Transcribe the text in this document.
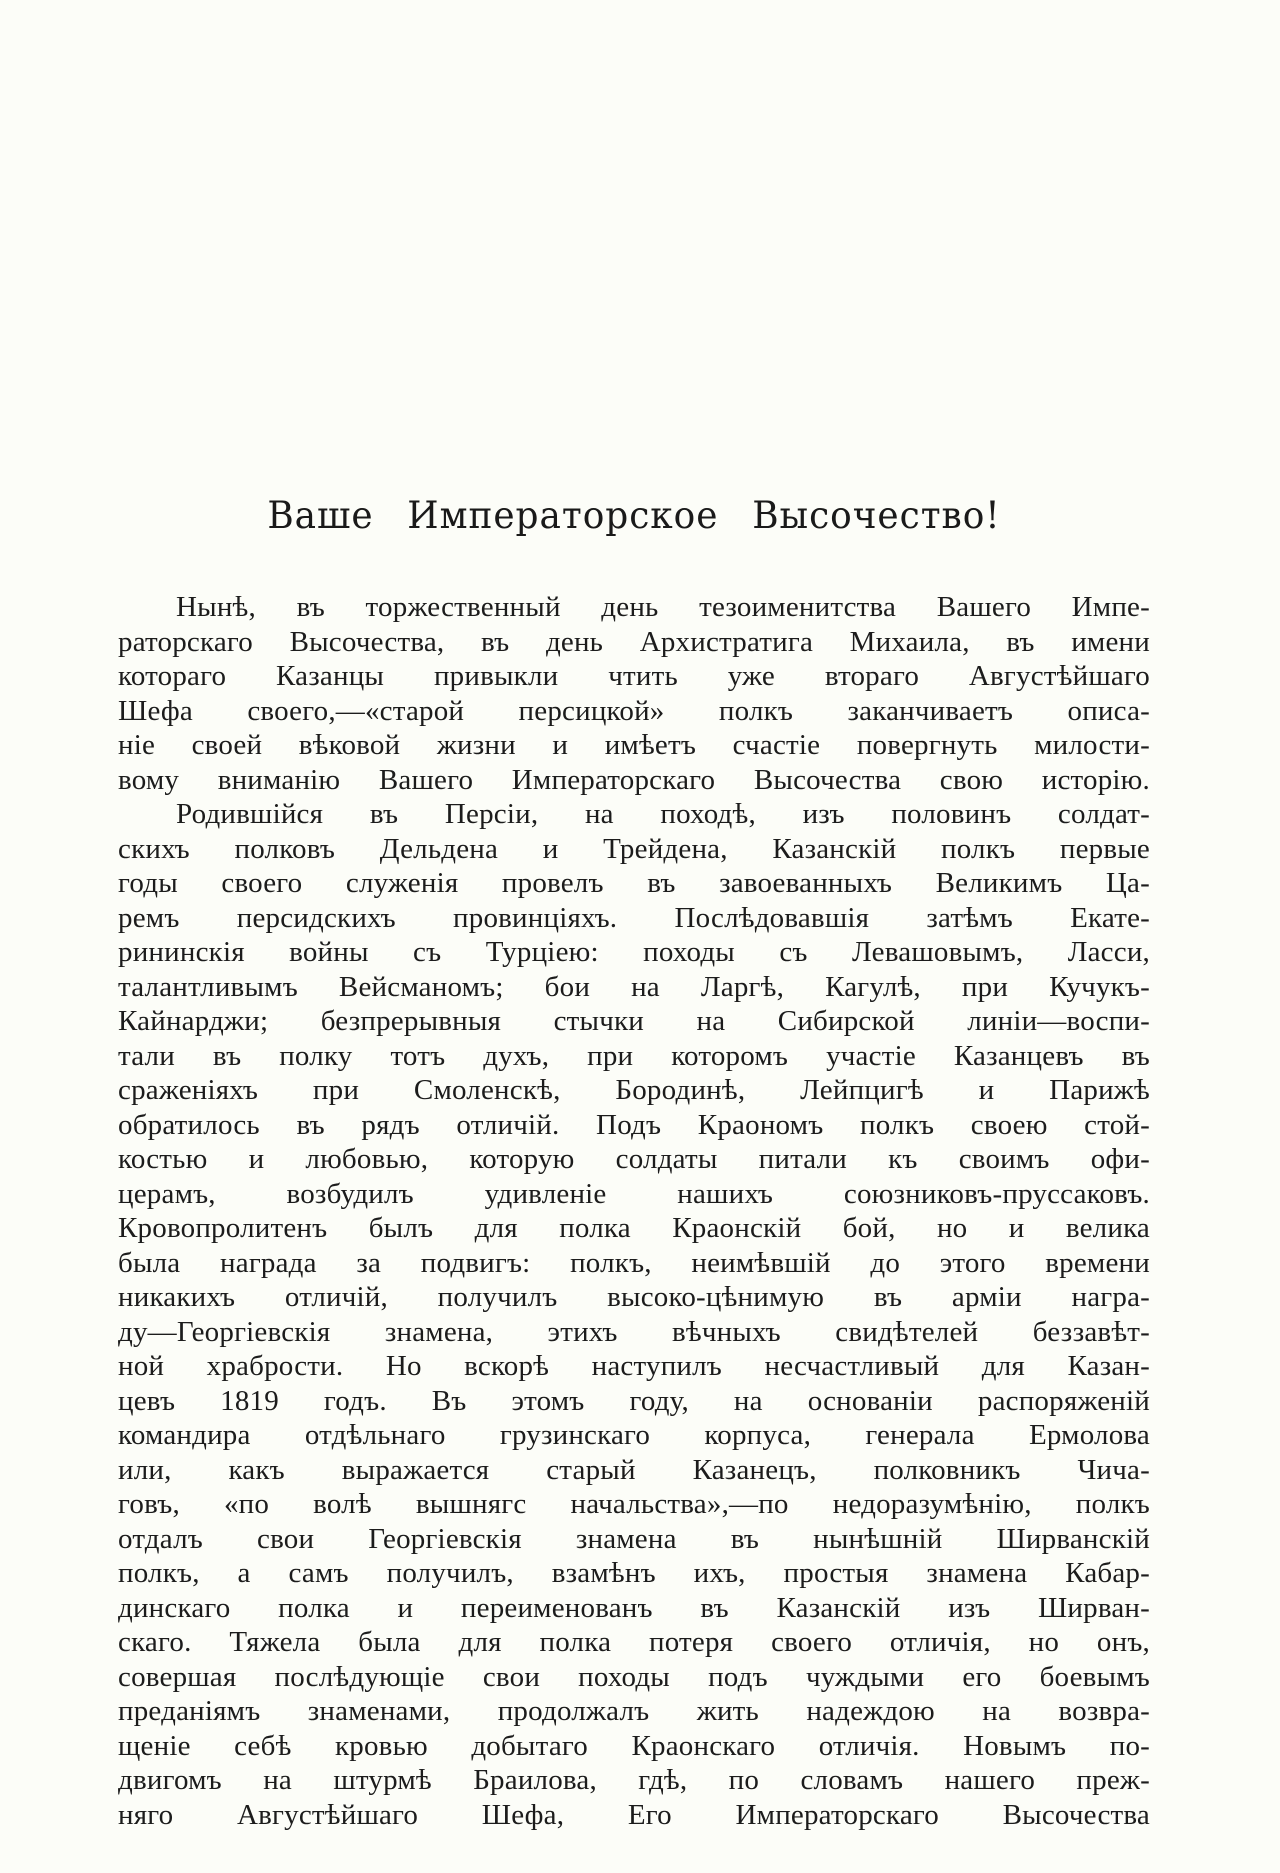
Ваше Императорское Высочество!
Нынѣ, въ торжественный день тезоименитства Вашего Импе-
раторскаго Высочества, въ день Архистратига Михаила, въ имени
котораго Казанцы привыкли чтить уже втораго Августѣйшаго
Шефа своего,—«старой персицкой» полкъ заканчиваетъ описа-
ніе своей вѣковой жизни и имѣетъ счастіе повергнуть милости-
вому вниманію Вашего Императорскаго Высочества свою исторію.
Родившійся въ Персіи, на походѣ, изъ половинъ солдат-
скихъ полковъ Дельдена и Трейдена, Казанскій полкъ первые
годы своего служенія провелъ въ завоеванныхъ Великимъ Ца-
ремъ персидскихъ провинціяхъ. Послѣдовавшія затѣмъ Екате-
рининскія войны съ Турціею: походы съ Левашовымъ, Ласси,
талантливымъ Вейсманомъ; бои на Ларгѣ, Кагулѣ, при Кучукъ-
Кайнарджи; безпрерывныя стычки на Сибирской линіи—воспи-
тали въ полку тотъ духъ, при которомъ участіе Казанцевъ въ
сраженіяхъ при Смоленскѣ, Бородинѣ, Лейпцигѣ и Парижѣ
обратилось въ рядъ отличій. Подъ Краономъ полкъ своею стой-
костью и любовью, которую солдаты питали къ своимъ офи-
церамъ, возбудилъ удивленіе нашихъ союзниковъ-пруссаковъ.
Кровопролитенъ былъ для полка Краонскій бой, но и велика
была награда за подвигъ: полкъ, неимѣвшій до этого времени
никакихъ отличій, получилъ высоко-цѣнимую въ арміи награ-
ду—Георгіевскія знамена, этихъ вѣчныхъ свидѣтелей беззавѣт-
ной храбрости. Но вскорѣ наступилъ несчастливый для Казан-
цевъ 1819 годъ. Въ этомъ году, на основаніи распоряженій
командира отдѣльнаго грузинскаго корпуса, генерала Ермолова
или, какъ выражается старый Казанецъ, полковникъ Чича-
говъ, «по волѣ вышнягс начальства»,—по недоразумѣнію, полкъ
отдалъ свои Георгіевскія знамена въ нынѣшній Ширванскій
полкъ, а самъ получилъ, взамѣнъ ихъ, простыя знамена Кабар-
динскаго полка и переименованъ въ Казанскій изъ Ширван-
скаго. Тяжела была для полка потеря своего отличія, но онъ,
совершая послѣдующіе свои походы подъ чуждыми его боевымъ
преданіямъ знаменами, продолжалъ жить надеждою на возвра-
щеніе себѣ кровью добытаго Краонскаго отличія. Новымъ по-
двигомъ на штурмѣ Браилова, гдѣ, по словамъ нашего преж-
няго Августѣйшаго Шефа, Его Императорскаго Высочества
